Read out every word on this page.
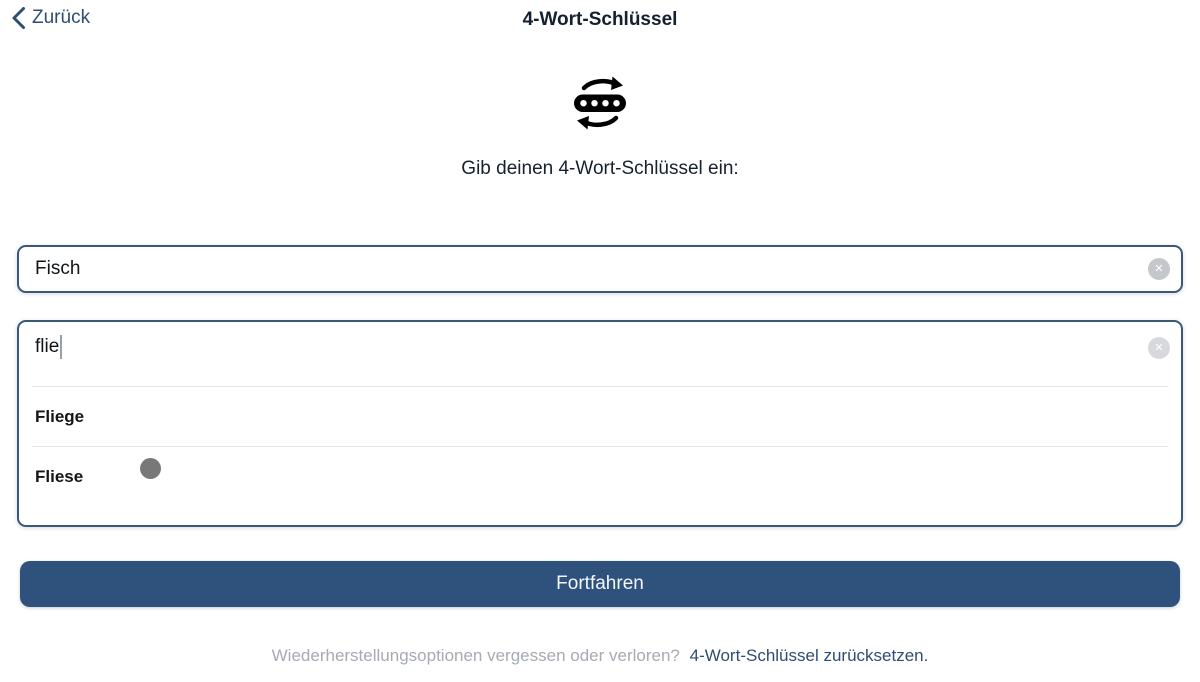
Zurück	4-Wort-Schlüssel
Gib deinen 4-Wort-Schlüssel ein:
Fisch	✕
flie	✕
Fliege
Fliese
Fortfahren
Wiederherstellungsoptionen vergessen oder verloren? 4-Wort-Schlüssel zurücksetzen.
